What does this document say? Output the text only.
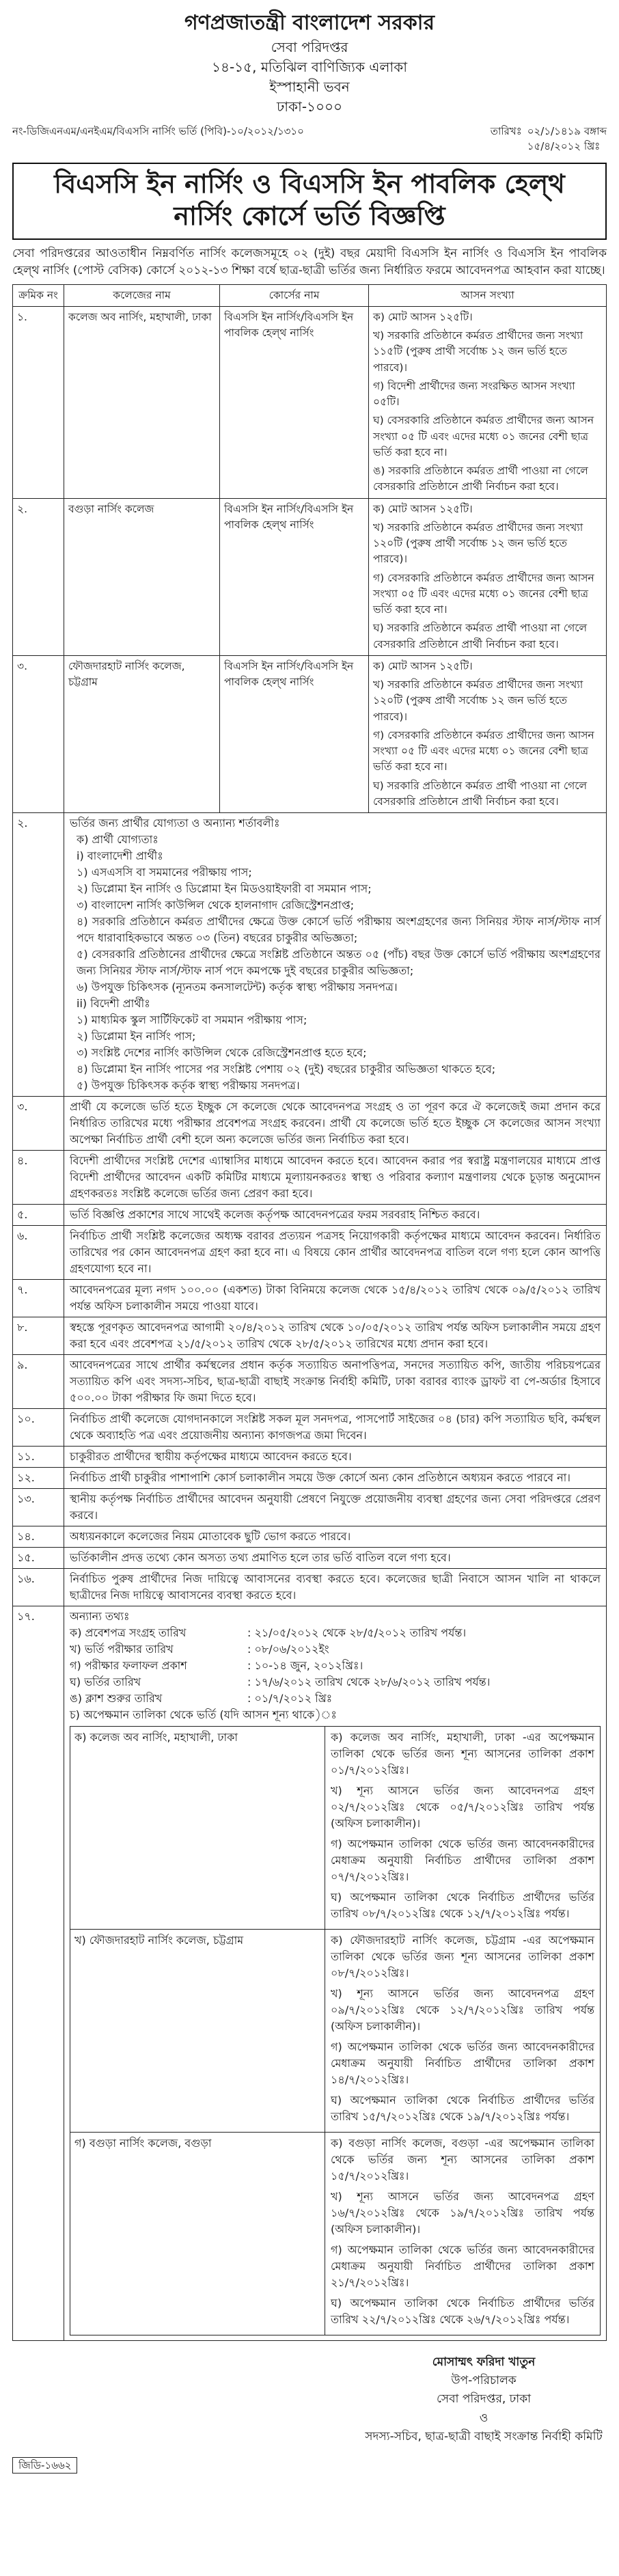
গণপ্রজাতন্ত্রী বাংলাদেশ সরকার

সেবা পরিদপ্তর

১৪-১৫, মতিঝিল বাণিজ্যিক এলাকা

ইস্পাহানী ভবন

ঢাকা-১০০০

নং-ডিজিএনএম/এনইএম/বিএসসি নার্সিং ভর্তি (পিবি)-১০/২০১২/১৩১০	তারিখঃ ০২/১/১৪১৯ বঙ্গাব্দ
১৫/৪/২০১২ খ্রিঃ
বিএসসি ইন নার্সিং ও বিএসসি ইন পাবলিক হেল্থ
নার্সিং কোর্সে ভর্তি বিজ্ঞপ্তি

সেবা পরিদপ্তরের আওতাধীন নিম্নবর্ণিত নার্সিং কলেজসমূহে ০২ (দুই) বছর মেয়াদী বিএসসি ইন নার্সিং ও বিএসসি ইন পাবলিক হেল্থ নার্সিং (পোস্ট বেসিক) কোর্সে ২০১২-১৩ শিক্ষা বর্ষে ছাত্র-ছাত্রী ভর্তির জন্য নির্ধারিত ফরমে আবেদনপত্র আহবান করা যাচ্ছে।

ক্রমিক নং	কলেজের নাম	কোর্সের নাম	আসন সংখ্যা
১.	কলেজ অব নার্সিং, মহাখালী, ঢাকা	বিএসসি ইন নার্সিং/বিএসসি ইন পাবলিক হেল্থ নার্সিং	ক) মোট আসন ১২৫টি।

খ) সরকারি প্রতিষ্ঠানে কর্মরত প্রার্থীদের জন্য সংখ্যা ১১৫টি (পুরুষ প্রার্থী সর্বোচ্চ ১২ জন ভর্তি হতে পারবে)।

গ) বিদেশী প্রার্থীদের জন্য সংরক্ষিত আসন সংখ্যা ০৫টি।

ঘ) বেসরকারি প্রতিষ্ঠানে কর্মরত প্রার্থীদের জন্য আসন সংখ্যা ০৫ টি এবং এদের মধ্যে ০১ জনের বেশী ছাত্র ভর্তি করা হবে না।

ঙ) সরকারি প্রতিষ্ঠানে কর্মরত প্রার্থী পাওয়া না গেলে বেসরকারি প্রতিষ্ঠানে প্রার্থী নির্বাচন করা হবে।

২.	বগুড়া নার্সিং কলেজ	বিএসসি ইন নার্সিং/বিএসসি ইন পাবলিক হেল্থ নার্সিং	ক) মোট আসন ১২৫টি।

খ) সরকারি প্রতিষ্ঠানে কর্মরত প্রার্থীদের জন্য সংখ্যা ১২০টি (পুরুষ প্রার্থী সর্বোচ্চ ১২ জন ভর্তি হতে পারবে)।

গ) বেসরকারি প্রতিষ্ঠানে কর্মরত প্রার্থীদের জন্য আসন সংখ্যা ০৫ টি এবং এদের মধ্যে ০১ জনের বেশী ছাত্র ভর্তি করা হবে না।

ঘ) সরকারি প্রতিষ্ঠানে কর্মরত প্রার্থী পাওয়া না গেলে বেসরকারি প্রতিষ্ঠানে প্রার্থী নির্বাচন করা হবে।

৩.	ফৌজদারহাট নার্সিং কলেজ, চট্টগ্রাম	বিএসসি ইন নার্সিং/বিএসসি ইন পাবলিক হেল্থ নার্সিং	ক) মোট আসন ১২৫টি।

খ) সরকারি প্রতিষ্ঠানে কর্মরত প্রার্থীদের জন্য সংখ্যা ১২০টি (পুরুষ প্রার্থী সর্বোচ্চ ১২ জন ভর্তি হতে পারবে)।

গ) বেসরকারি প্রতিষ্ঠানে কর্মরত প্রার্থীদের জন্য আসন সংখ্যা ০৫ টি এবং এদের মধ্যে ০১ জনের বেশী ছাত্র ভর্তি করা হবে না।

ঘ) সরকারি প্রতিষ্ঠানে কর্মরত প্রার্থী পাওয়া না গেলে বেসরকারি প্রতিষ্ঠানে প্রার্থী নির্বাচন করা হবে।

২.	ভর্তির জন্য প্রার্থীর যোগ্যতা ও অন্যান্য শর্তাবলীঃ

ক) প্রার্থী যোগ্যতাঃ

i) বাংলাদেশী প্রার্থীঃ

১) এসএসসি বা সমমানের পরীক্ষায় পাস;

২) ডিপ্লোমা ইন নার্সিং ও ডিপ্লোমা ইন মিডওয়াইফারী বা সমমান পাস;

৩) বাংলাদেশ নার্সিং কাউন্সিল থেকে হালনাগাদ রেজিস্ট্রেশনপ্রাপ্ত;

৪) সরকারি প্রতিষ্ঠানে কর্মরত প্রার্থীদের ক্ষেত্রে উক্ত কোর্সে ভর্তি পরীক্ষায় অংশগ্রহণের জন্য সিনিয়র স্টাফ নার্স/স্টাফ নার্স পদে ধারাবাহিকভাবে অন্তত ০৩ (তিন) বছরের চাকুরীর অভিজ্ঞতা;

৫) বেসরকারি প্রতিষ্ঠানের প্রার্থীদের ক্ষেত্রে সংশ্লিষ্ট প্রতিষ্ঠানে অন্তত ০৫ (পাঁচ) বছর উক্ত কোর্সে ভর্তি পরীক্ষায় অংশগ্রহণের জন্য সিনিয়র স্টাফ নার্স/স্টাফ নার্স পদে কমপক্ষে দুই বছরের চাকুরীর অভিজ্ঞতা;

৬) উপযুক্ত চিকিৎসক (ন্যূনতম কনসালটেন্ট) কর্তৃক স্বাস্থ্য পরীক্ষায় সনদপত্র।

ii) বিদেশী প্রার্থীঃ

১) মাধ্যমিক স্কুল সার্টিফিকেট বা সমমান পরীক্ষায় পাস;

২) ডিপ্লোমা ইন নার্সিং পাস;

৩) সংশ্লিষ্ট দেশের নার্সিং কাউন্সিল থেকে রেজিস্ট্রেশনপ্রাপ্ত হতে হবে;

৪) ডিপ্লোমা ইন নার্সিং পাসের পর সংশ্লিষ্ট পেশায় ০২ (দুই) বছরের চাকুরীর অভিজ্ঞতা থাকতে হবে;

৫) উপযুক্ত চিকিৎসক কর্তৃক স্বাস্থ্য পরীক্ষায় সনদপত্র।

৩.	প্রার্থী যে কলেজে ভর্তি হতে ইচ্ছুক সে কলেজে থেকে আবেদনপত্র সংগ্রহ ও তা পূরণ করে ঐ কলেজেই জমা প্রদান করে নির্ধারিত তারিখের মধ্যে পরীক্ষার প্রবেশপত্র সংগ্রহ করবেন। প্রার্থী যে কলেজে ভর্তি হতে ইচ্ছুক সে কলেজের আসন সংখ্যা অপেক্ষা নির্বাচিত প্রার্থী বেশী হলে অন্য কলেজে ভর্তির জন্য নির্বাচিত করা হবে।
৪.	বিদেশী প্রার্থীদের সংশ্লিষ্ট দেশের এ্যাম্বাসির মাধ্যমে আবেদন করতে হবে। আবেদন করার পর স্বরাষ্ট্র মন্ত্রণালয়ের মাধ্যমে প্রাপ্ত বিদেশী প্রার্থীদের আবেদন একটি কমিটির মাধ্যমে মূল্যায়নকরতঃ স্বাস্থ্য ও পরিবার কল্যাণ মন্ত্রণালয় থেকে চূড়ান্ত অনুমোদন গ্রহণকরতঃ সংশ্লিষ্ট কলেজে ভর্তির জন্য প্রেরণ করা হবে।
৫.	ভর্তি বিজ্ঞপ্তি প্রকাশের সাথে সাথেই কলেজ কর্তৃপক্ষ আবেদনপত্রের ফরম সরবরাহ নিশ্চিত করবে।
৬.	নির্বাচিত প্রার্থী সংশ্লিষ্ট কলেজের অধ্যক্ষ বরাবর প্রত্যয়ন পত্রসহ নিয়োগকারী কর্তৃপক্ষের মাধ্যমে আবেদন করবেন। নির্ধারিত তারিখের পর কোন আবেদনপত্র গ্রহণ করা হবে না। এ বিষয়ে কোন প্রার্থীর আবেদনপত্র বাতিল বলে গণ্য হলে কোন আপত্তি গ্রহণযোগ্য হবে না।
৭.	আবেদনপত্রের মূল্য নগদ ১০০.০০ (একশত) টাকা বিনিময়ে কলেজ থেকে ১৫/৪/২০১২ তারিখ থেকে ০৯/৫/২০১২ তারিখ পর্যন্ত অফিস চলাকালীন সময়ে পাওয়া যাবে।
৮.	স্বহস্তে পূরণকৃত আবেদনপত্র আগামী ২০/৪/২০১২ তারিখ থেকে ১০/০৫/২০১২ তারিখ পর্যন্ত অফিস চলাকালীন সময়ে গ্রহণ করা হবে এবং প্রবেশপত্র ২১/৫/২০১২ তারিখ থেকে ২৮/৫/২০১২ তারিখের মধ্যে প্রদান করা হবে।
৯.	আবেদনপত্রের সাথে প্রার্থীর কর্মস্থলের প্রধান কর্তৃক সত্যায়িত অনাপত্তিপত্র, সনদের সত্যায়িত কপি, জাতীয় পরিচয়পত্রের সত্যায়িত কপি এবং সদস্য-সচিব, ছাত্র-ছাত্রী বাছাই সংক্রান্ত নির্বাহী কমিটি, ঢাকা বরাবর ব্যাংক ড্রাফট বা পে-অর্ডার হিসাবে ৫০০.০০ টাকা পরীক্ষার ফি জমা দিতে হবে।
১০.	নির্বাচিত প্রার্থী কলেজে যোগদানকালে সংশ্লিষ্ট সকল মূল সনদপত্র, পাসপোর্ট সাইজের ০৪ (চার) কপি সত্যায়িত ছবি, কর্মস্থল থেকে অব্যাহতি পত্র এবং প্রয়োজনীয় অন্যান্য কাগজপত্র জমা দিবেন।
১১.	চাকুরীরত প্রার্থীদের স্থায়ীয় কর্তৃপক্ষের মাধ্যমে আবেদন করতে হবে।
১২.	নির্বাচিত প্রার্থী চাকুরীর পাশাপাশি কোর্স চলাকালীন সময়ে উক্ত কোর্সে অন্য কোন প্রতিষ্ঠানে অধ্যয়ন করতে পারবে না।
১৩.	স্থানীয় কর্তৃপক্ষ নির্বাচিত প্রার্থীদের আবেদন অনুযায়ী প্রেষণে নিযুক্তে প্রয়োজনীয় ব্যবস্থা গ্রহণের জন্য সেবা পরিদপ্তরে প্রেরণ করবে।
১৪.	অধ্যয়নকালে কলেজের নিয়ম মোতাবেক ছুটি ভোগ করতে পারবে।
১৫.	ভর্তিকালীন প্রদত্ত তথ্যে কোন অসত্য তথ্য প্রমাণিত হলে তার ভর্তি বাতিল বলে গণ্য হবে।
১৬.	নির্বাচিত পুরুষ প্রার্থীদের নিজ দায়িত্বে আবাসনের ব্যবস্থা করতে হবে। কলেজের ছাত্রী নিবাসে আসন খালি না থাকলে ছাত্রীদের নিজ দায়িত্বে আবাসনের ব্যবস্থা করতে হবে।
১৭.	অন্যান্য তথ্যঃ

ক) প্রবেশপত্র সংগ্রহ তারিখ	: ২১/০৫/২০১২ থেকে ২৮/৫/২০১২ তারিখ পর্যন্ত।
খ) ভর্তি পরীক্ষার তারিখ	: ০৮/০৬/২০১২ইং
গ) পরীক্ষার ফলাফল প্রকাশ	: ১০-১৪ জুন, ২০১২খ্রিঃ।
ঘ) ভর্তির তারিখ	: ১৭/৬/২০১২ তারিখ থেকে ২৮/৬/২০১২ তারিখ পর্যন্ত।
ঙ) ক্লাশ শুরুর তারিখ	: ০১/৭/২০১২ খ্রিঃ

চ) অপেক্ষমান তালিকা থেকে ভর্তি (যদি আসন শূন্য থাকে)ঃ

ক) কলেজ অব নার্সিং, মহাখালী, ঢাকা	ক) কলেজ অব নার্সিং, মহাখালী, ঢাকা -এর অপেক্ষমান তালিকা থেকে ভর্তির জন্য শূন্য আসনের তালিকা প্রকাশ ০১/৭/২০১২খ্রিঃ।

খ) শূন্য আসনে ভর্তির জন্য আবেদনপত্র গ্রহণ ০২/৭/২০১২খ্রিঃ থেকে ০৫/৭/২০১২খ্রিঃ তারিখ পর্যন্ত (অফিস চলাকালীন)।

গ) অপেক্ষমান তালিকা থেকে ভর্তির জন্য আবেদনকারীদের মেধাক্রম অনুযায়ী নির্বাচিত প্রার্থীদের তালিকা প্রকাশ ০৭/৭/২০১২খ্রিঃ।

ঘ) অপেক্ষমান তালিকা থেকে নির্বাচিত প্রার্থীদের ভর্তির তারিখ ০৮/৭/২০১২খ্রিঃ থেকে ১২/৭/২০১২খ্রিঃ পর্যন্ত।

খ) ফৌজদারহাট নার্সিং কলেজ, চট্টগ্রাম	ক) ফৌজদারহাট নার্সিং কলেজ, চট্টগ্রাম -এর অপেক্ষমান তালিকা থেকে ভর্তির জন্য শূন্য আসনের তালিকা প্রকাশ ০৮/৭/২০১২খ্রিঃ।

খ) শূন্য আসনে ভর্তির জন্য আবেদনপত্র গ্রহণ ০৯/৭/২০১২খ্রিঃ থেকে ১২/৭/২০১২খ্রিঃ তারিখ পর্যন্ত (অফিস চলাকালীন)।

গ) অপেক্ষমান তালিকা থেকে ভর্তির জন্য আবেদনকারীদের মেধাক্রম অনুযায়ী নির্বাচিত প্রার্থীদের তালিকা প্রকাশ ১৪/৭/২০১২খ্রিঃ।

ঘ) অপেক্ষমান তালিকা থেকে নির্বাচিত প্রার্থীদের ভর্তির তারিখ ১৫/৭/২০১২খ্রিঃ থেকে ১৯/৭/২০১২খ্রিঃ পর্যন্ত।

গ) বগুড়া নার্সিং কলেজ, বগুড়া	ক) বগুড়া নার্সিং কলেজ, বগুড়া -এর অপেক্ষমান তালিকা থেকে ভর্তির জন্য শূন্য আসনের তালিকা প্রকাশ ১৫/৭/২০১২খ্রিঃ।

খ) শূন্য আসনে ভর্তির জন্য আবেদনপত্র গ্রহণ ১৬/৭/২০১২খ্রিঃ থেকে ১৯/৭/২০১২খ্রিঃ তারিখ পর্যন্ত (অফিস চলাকালীন)।

গ) অপেক্ষমান তালিকা থেকে ভর্তির জন্য আবেদনকারীদের মেধাক্রম অনুযায়ী নির্বাচিত প্রার্থীদের তালিকা প্রকাশ ২১/৭/২০১২খ্রিঃ।

ঘ) অপেক্ষমান তালিকা থেকে নির্বাচিত প্রার্থীদের ভর্তির তারিখ ২২/৭/২০১২খ্রিঃ থেকে ২৬/৭/২০১২খ্রিঃ পর্যন্ত।

মোসাম্মৎ ফরিদা খাতুন
উপ-পরিচালক
সেবা পরিদপ্তর, ঢাকা
ও
সদস্য-সচিব, ছাত্র-ছাত্রী বাছাই সংক্রান্ত নির্বাহী কমিটি
জিডি-১৬৬২
